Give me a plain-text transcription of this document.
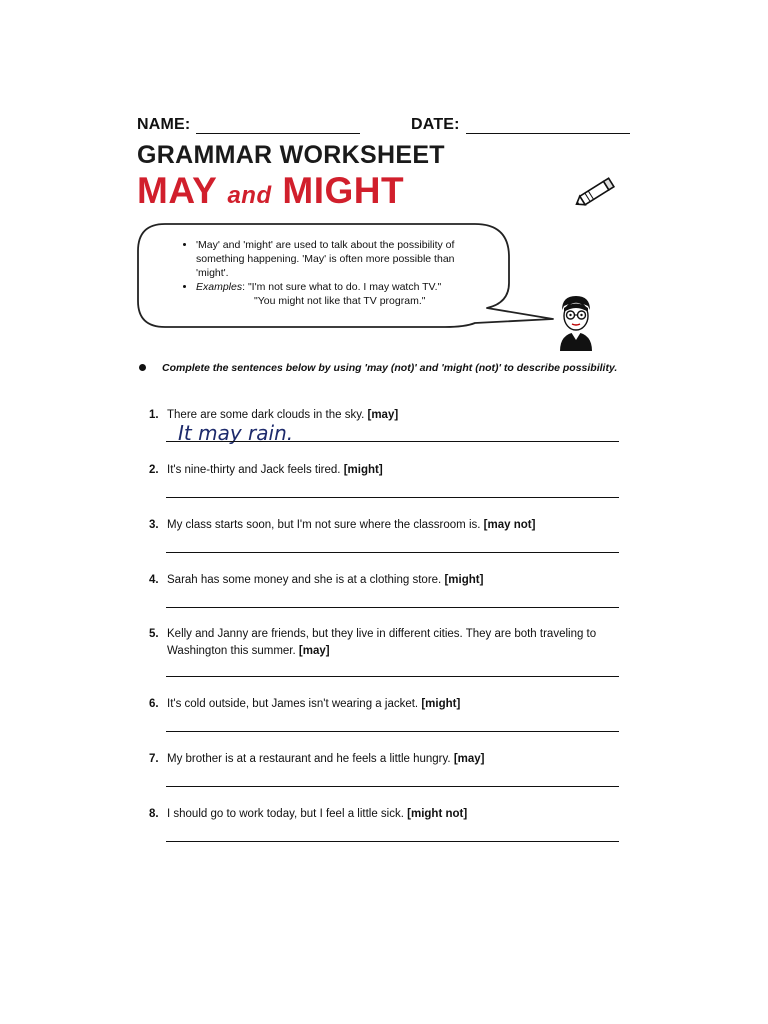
NAME:	DATE:
GRAMMAR WORKSHEET
MAY and MIGHT
• 'May' and 'might' are used to talk about the possibility of something happening. 'May' is often more possible than 'might'.
• Examples: "I'm not sure what to do. I may watch TV."
"You might not like that TV program."
Complete the sentences below by using 'may (not)' and 'might (not)' to describe possibility.
1. There are some dark clouds in the sky. [may]
It may rain.
2. It's nine-thirty and Jack feels tired. [might]
3. My class starts soon, but I'm not sure where the classroom is. [may not]
4. Sarah has some money and she is at a clothing store. [might]
5. Kelly and Janny are friends, but they live in different cities. They are both traveling to Washington this summer. [may]
6. It's cold outside, but James isn't wearing a jacket. [might]
7. My brother is at a restaurant and he feels a little hungry. [may]
8. I should go to work today, but I feel a little sick. [might not]
